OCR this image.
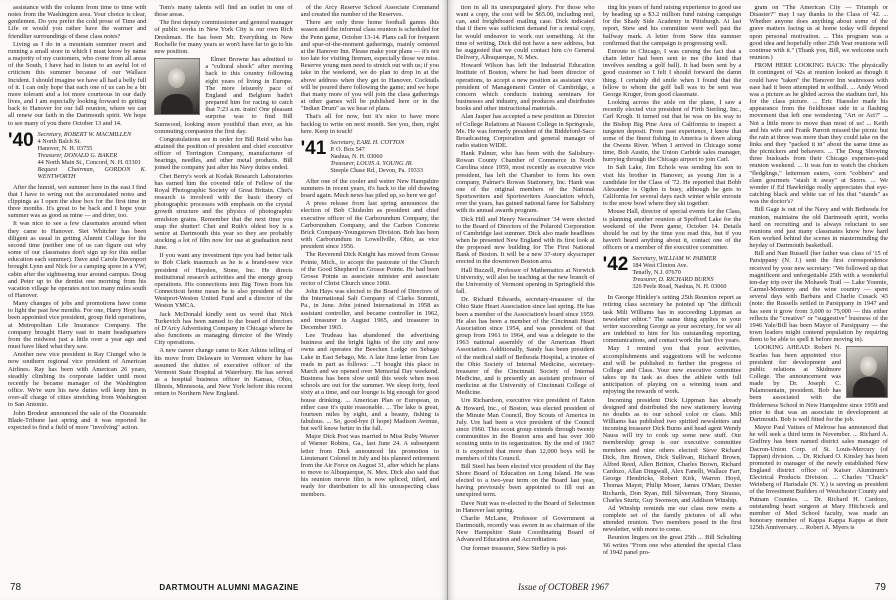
assistance with the column from time to time with notes from the Washington area. Your choice is clear, gentlemen. Do you prefer the cold prose of Time and Life or would you rather have the warmer and friendlier surroundings of these class notes?

Living as I do in a mountain summer resort and running a small store in which I must know by name a majority of my customers, who come from all areas of the South, I have had to listen to an awful lot of criticism this summer because of our Wallace Incident. I should imagine we have all had a belly full of it. I can only hope that each one of us can be a bit more tolerant and a lot more courteous in our daily lives, and I am especially looking forward to getting back to Hanover for our fall reunion, where we can all renew our faith in the Dartmouth spirit. We hope to see many of you there October 13 and 14.

'40 Secretary, ROBERT W. MACMILLEN
4 North Balch St.
Hanover, N. H. 03755
Treasurer, DONALD G. BAKER
44 North Main St., Concord, N. H. 03301
Bequest Chairman, GORDON K. WENTWORTH

After the humid, wet summer here in the east I find that I have to wring out the accumulated notes and clippings as I open the shoe box for the first time in three months. It's great to be back and I hope your summer was as good as mine — and drier, too.

It was nice to see a few classmates around when they came to Hanover. Stet Whitcher has been diligent as usual in getting Alumni College for the second time (neither one of us can figure out why some of our classmates don't sign up for this stellar education each summer). Dave and Carole Davenport brought Lynn and Nick for a camping spree in a VW; cabin after the sightseeing tour around campus. Doug and Peter up to the dentist one morning from his vacation village he operates not too many miles south of Hanover.

Many changes of jobs and promotions have come to light the past few months. For one, Harry Hoyt has been appointed vice president, group field operations, at Metropolitan Life Insurance Company. The company brought Harry east to main headquarters from the midwest just a little over a year ago and must have liked what they saw.

Another new vice president is Ray Ciungel who is now southern regional vice president of American Airlines. Ray has been with American 26 years, steadily climbing its corporate ladder until most recently he became manager of the Washington office. We're sure his new duties will keep him in over-all charge of cities stretching from Washington to San Antonio.

John Brodeur announced the sale of the Oceanside Blade-Tribune last spring and it was reported he expected to find a field of more "involving" action.

Tom's many talents will find an outlet in one of those areas.

The first deputy commissioner and general manager of public works in New York City is our own Rich Dreshman. He has been Mr. Everything in New Rochelle for many years so won't have far to go to his new position.

Elmer Browne has admitted to a "cultural shock" after moving back to this country following eight years of living in Europe. The more leisurely pace of England and Belgium hadn't prepared him for racing to catch that 7:23 a.m. train! One pleasant surprise was to find Bill Sumwood, looking more youthful than ever, as his commuting companion the first day.

Congratulations are in order for Bill Reid who has attained the position of president and chief executive officer of Torrington Company, manufacturer of bearings, needles, and other metal products. Bill joined the company just after his Navy duties ended.

Chet Berry's work at Kodak Research Laboratories has earned him the coveted title of Fellow of the Royal Photographic Society of Great Britain. Chet's research is involved with the basic theory of photographic processes with emphasis on the crystal growth structure and the physics of photographic emulsion grains. Remember that the next time you snap the shutter! Chet and Ruth's oldest boy is a senior at Dartmouth this year so they are probably stocking a lot of film now for use at graduation next June.

If you want any investment tips you had better talk to Bob Clark inasmuch as he is a brand-new vice president of Hayden, Stone, Inc. He directs institutional research activities and the energy group operations. His connections into Big Town from his Connecticut home mean he is also president of the Westport-Weston United Fund and a director of the Weston YMCA.

Jack McDonald kindly sent us word that Nick Turkevich has been named to the board of directors of D'Arcy Advertising Company in Chicago where he also functions as managing director of the Windy City operations.

A new career change came to Ken Atkins telling of his move from Delaware to Vermont where he has assumed the duties of executive officer of the Vermont State Hospital at Waterbury. He has served as a hospital business officer in Kansas, Ohio, Illinois, Minnesota, and New York before this recent return to Northern New England.

of the Arcy Reserve School Associate Command and created the number of the Reserves.

There are only three home football games this season and the informal class reunion is scheduled for the Penn game, October 13-14. Plans call for frequent and spur-of-the-moment gatherings, mainly centered at the Hanover Inn. Please make your plans — it's not too late for visiting firemen, especially those we miss. Reserve young men need to stretch out with us; if you take in the weekend, we do plan to drop in at the above address when they get to Hanover. Cocktails will be poured there following the game; and we hope that many more of you will join the class gatherings at other games will be published here or in the "Indian Drum" as we hear of plans.

That's all for now, but it's nice to have more backlog to write on next month. See you, then, right here. Keep in touch!

'41 Secretary, EARL H. COTTON
P. O. Box 547
Nashua, N. H. 03060
Treasurer, LOUIS A. YOUNG JR.
Steeple Chase Rd., Devon, Pa. 19333

After one of the cooler and wetter New Hampshire summers in recent years, it's back to the old drawing board again. Much news has piled up, so here we go!

A press release from last spring announces the election of Bob Chisholm as president and chief executive officer of the Carborundum Company, the Carborundum Company, and the Carbon Concrete Brick Company-Youngstown Division. Bob has been with Carborundum in Lowellville, Ohio, as vice president since 1956.

The Reverend Dick Knight has moved from Grosse Pointe, Mich., to accept the pastorate of the Church of the Good Shepherd in Grosse Pointe. He had been Grosse Pointe as associate minister and associate rector of Christ Church since 1960.

John Hays was elected to the Board of Directors of the International Salt Company of Clarks Summit, Pa., in June. John joined International in 1958 as assistant controller, and became controller in 1962, and treasurer in August 1965, and treasurer in December 1965.

Lee Trudeau has abandoned the advertising business and the bright lights of the city and now owns and operates the Beechen Lodge on Sebago Lake in East Sebago, Me. A late June letter from Lee reads in part as follows: ..."I bought this place in March and we opened over Memorial Day weekend. Business has been slow until this week when most schools are out for the summer. We sleep forty, feed sixty at a time, and our lounge is big enough for good house drinking. ... American Plan or European, in either case it's quite reasonable. ... The lake is great, fourteen miles by eight, and a beauty, fishing is fabulous. ... So, good-bye (I hope) Madison Avenue, but we'll know better in the fall.

Major Dick Post was married to Miss Ruby Weaver of Warner Robins, Ga., last June 24. A subsequent letter from Dick announced his promotion to Lieutenant Colonel in July and his planned retirement from the Air Force on August 31, after which he plans to move to Albuquerque, N. Mex. Dick also said that his reunion movie film is now spliced, titled, and ready for distribution to all his unsuspecting class members.

78	DARTMOUTH ALUMNI MAGAZINE

tion in all its unexpurgated glory. For those who want a copy, the cost will be $65.00, including reel, can, and freightboard mailing case. Dick indicated that if there was sufficient demand for a rental copy, he would endeavor to work out something. At the time of writing, Dick did not have a new address, but he suggested that we could contact him c/o General Delivery, Albuquerque, N. Mex.

Howard Wilson has left the Industrial Education Institute of Boston, where he had been director of operations, to accept a new position as assistant vice president of Management Center of Cambridge, a concern which conducts training seminars for businesses and industry, and produces and distributes books and other instructional materials.

Alan Jasper has accepted a new position as Director of College Relations at Nasson College in Springvale, Me. He was formerly president of the Biddeford-Saco Broadcasting Corporation and general manager of radio station WIDE.

Hank Palmer, who has been with the Salisbury-Rowan County Chamber of Commerce in North Carolina since 1959, most recently as executive vice president, has left the Chamber to form his own company, Palmer's Rowan Stationery, Inc. Hank was one of the original members of the National Sportswriters and Sportswriters Association which, over the years, has gained national fame for Salisbury with its annual awards program.

Dick Hill and Henry Necarsulmer '34 were elected to the Board of Directors of the Polaroid Corporation of Cambridge last summer. Dick also made headlines when he presented New England with its first look at the proposed new building for The First National Bank of Boston. It will be a new 37-story skyscraper erected in the downtown Boston area.

Hall Buzzell, Professor of Mathematics at Norwich University, will also be teaching at the new branch of the University of Vermont opening in Springfield this fall.

Dr. Richard Edwards, secretary-treasurer of the Ohio State Heart Association since last spring. He has been a member of the Association's board since 1959. He also has been a member of the Cincinnati Heart Association since 1954, and was president of that group from 1961 to 1964, and was a delegate to the 1963 national assembly of the American Heart Association. Additionally, Sandy has been president of the medical staff of Bethesda Hospital, a trustee of the Ohio Society of Internal Medicine, secretary-treasurer of the Cincinnati Society of Internal Medicine, and is presently an assistant professor of medicine at the University of Cincinnati College of Medicine.

Ure Richardson, executive vice president of Eaton & Howard, Inc., of Boston, was elected president of the Minute Man Council, Boy Scouts of America in July. Ure had been a vice president of the Council since 1960. This scout group extends through twenty communities in the Boston area and has over 300 scouting units in its organization. By the end of 1967 it is expected that more than 12,000 boys will be members of this Council.

Bill Steel has been elected vice president of the Bay Shore Board of Education on Long Island. He was elected to a two-year term on the Board last year, having previously been appointed to fill out an unexpired term.

Dave Nutt was re-elected to the Board of Selectmen in Hanover last spring.

Charlie McLane, Professor of Government at Dartmouth, recently was sworn in as chairman of the New Hampshire State Coordinating Board of Advanced Education and Accreditation.

Our former treasurer, Stew Steffey is put-

ting his years of fund raising experience to good use by heading up a $3.2 million fund raising campaign for the Shady Side Academy in Pittsburgh. At last report, Stew and his committee were well past the halfway mark. A letter from Stew this summer confirmed that the campaign is progressing well.

Enroute to Chicago, I was cursing the fact that a chain letter had been sent to me (the kind that involves sending a golf ball). It had been sent by a good customer so I felt I should forward the damn thing. I certainly did smile when I found that the fellow to whom the golf ball was to be sent was George Kruger, from good classmate.

Looking across the aisle on the plane, I saw a recently elected vice president of Firth Sterling, Inc., Carl Krogh. It turned out that he was on his way to the Bishop Big Pine Area of California to inspect a tungsten deposit. From past experience, I know that some of the finest fishing in America is down along the Owens River. When I arrived in Chicago some time, Bob Austin, the Union Carbide sales manager, hurrying through the Chicago airport to join Carl.

In Salt Lake, Jim Echols was sending his son to visit his brother in Hanover, as young Jim is a candidate for the Class of '72. He reported that Bobb Alexander is Ogden is busy, although he gets to California for several days each winter while enroute to the snow bowl where they ski together.

Mouse Hall, director of special events for the Class, is planning another reunion at Spofford Lake for the weekend of the Penn game, October 14. Details should be out by the time you read this, but if you haven't heard anything about it, contact one of the officers or a member of the executive committee.

'42 Secretary, WILLIAM W. PARMER
184 West Clinton Ave.
Tenafly, N.J. 07670
Treasurer, D. RICHARD BURNS
326 Peele Road, Nashua, N. H. 03060

In George Hinkley's setting 25th Reunion report as retiring class secretary he pointed up "the difficult task Milt Williams has in succeeding Lippman as newsletter editor." The same thing applies to your writer succeeding George as your secretary, for we all are indebted to him for his outstanding reporting, communications, and contact work the last five years.

May I remind you that your activities, accomplishments and suggestions will be welcome and will be published to further the progress of College and Class. Your new executive committee takes up its task as does the athlete with full anticipation of playing on a winning team and enjoying the rewards of work.

Incoming president Dick Lippman has already designed and distributed the new stationery leaving no doubts as to our school color or class. Milt Williams has published two spirited newsletters and incoming treasurer Dick Burns and head agent Wendy Nauss will try to cook up some new stuff. Our membership group is our executive committee members and nine others elected: Steve Richard Dick, Jim Brown, Dick Sullivan, Richard Brown, Alfred Reed, Allen Britton, Charles Brown, Richard Cardozo, Allan Dingwall, Alex Fanelli, Wallace Farr, George Hendricks, Robert Kirk, Warren Hoyd, Thomas Mayer, Philip Moser, James O'Marr, Dexter Richards, Don Ryan, Bill Silverman, Tony Strauss, Charles Sturtz, Guy Swenson, and Addison Winship.

Ad Winship reminds me our class now owns a complete set of the family pictures of all who attended reunion. Two members posed in the first newsletter, with more to come.

Reunion lingers on the great 25th ... Bill Schulting '66 writes "From one who attended the special Class of 1942 panel pro-

gram on "The American City — Triumph or Disaster?" may I say thanks to the Class of '42. ... Whether anyone does anything about some of the grave matters facing us at home today will depend upon personal motivation. ... This program was a good idea and hopefully other 25th Year reunions will continue with it." (Thank you, Bill, we welcome such reunion.)

FROM HERE LOOKING BACK: The physically fit contingent of '42s at reunion looked as though it could have "taken" the Hanover Inn waitresses with ease had it been attempted in softball. ... Andy Wood was a picture as he glided across the stadium turf, his for the class picture. ... Eric Haessler made his appearance from the fieldhouse side in a flashing movement that left one wondering "Art or Act?" ... Not a little more to move than most of us! ... Keith and his wife and Frank Parrott missed the picnic but the rain at three was more than they could take on the links and they "packed it in" about the same time as the picnickers and behavers. ... The Doug Showing three busloads from their Chicago expenses-paid reunion weekend. ... It was fun to watch the chicken "fledglings," lettermen eaters, corn "cobbers" and clam gourmets "stash it away" at Storrs. ... We wonder if Ed Hawkridge really appreciates that eye-catching black and white car of his that "stands" as was the doctor's?

Bill Gage is out of the Navy and with Bethesda for reunion, maintains the old Dartmouth spirit, works hard on recruiting and is always reluctant to see reunions end just many classmates know how hard Ken worked behind the scenes in masterminding the heyday of Dartmouth basketball.

Bill and Nan Russell (her father was class of '15 of Parsippany (N. J.) sent the first correspondence received by your new secretary: "We followed up that magnificent and unforgettable 25th with a wonderful ten-day trip over the Mohawk Trail — Lake Youmie, Carmel-Monterey and the wine country — spent several days with Barbara and Charlie Cusack '43 (note: the Russells settled in Parsippany in 1947 and has seen it grow from 3,000 to 75,000 — this either reflects the "creative" or "suggestive" business of the 1946 Yale/Bill has been Mayor of Parsippany — the town leaders might contend population by requiring them to be able to spell it before moving in).

LOOKING AHEAD: Robert N. Scarles has been appointed vice president for development and public relations at Skidmore College. The announcement was made by Dr. Joseph C. Palamountain, president. Bob has been associated with the Holderness School in New Hampshire since 1959 and prior to that was an associate in development at Dartmouth. Bob is well fitted for the job.

Mayor Paul Vaitses of Melrose has announced that he will seek a third term in November. ... Richard A. Godfrey has been named district sales manager of Dacron-Union Corp. of St. Louis-Mercury (of Tappan) division. ... Dr. Richard O. Kinsley has been promoted to manager of the newly established New England district office of Kaiser Aluminum's Electrical Products Division. ... Charles "Chuck" Weinberg of Hartsdale (N. Y.) is serving as president of the Investment Builders of Westchester County and Putnam Counties. ... Dr. Richard H. Cardozo, outstanding heart surgeon at Mary Hitchcock and member of Med School faculty, was made an honorary member of Kappa Kappa Kappa at their 125th Anniversary. ... Robert A. Myers is

Issue of OCTOBER 1967	79
